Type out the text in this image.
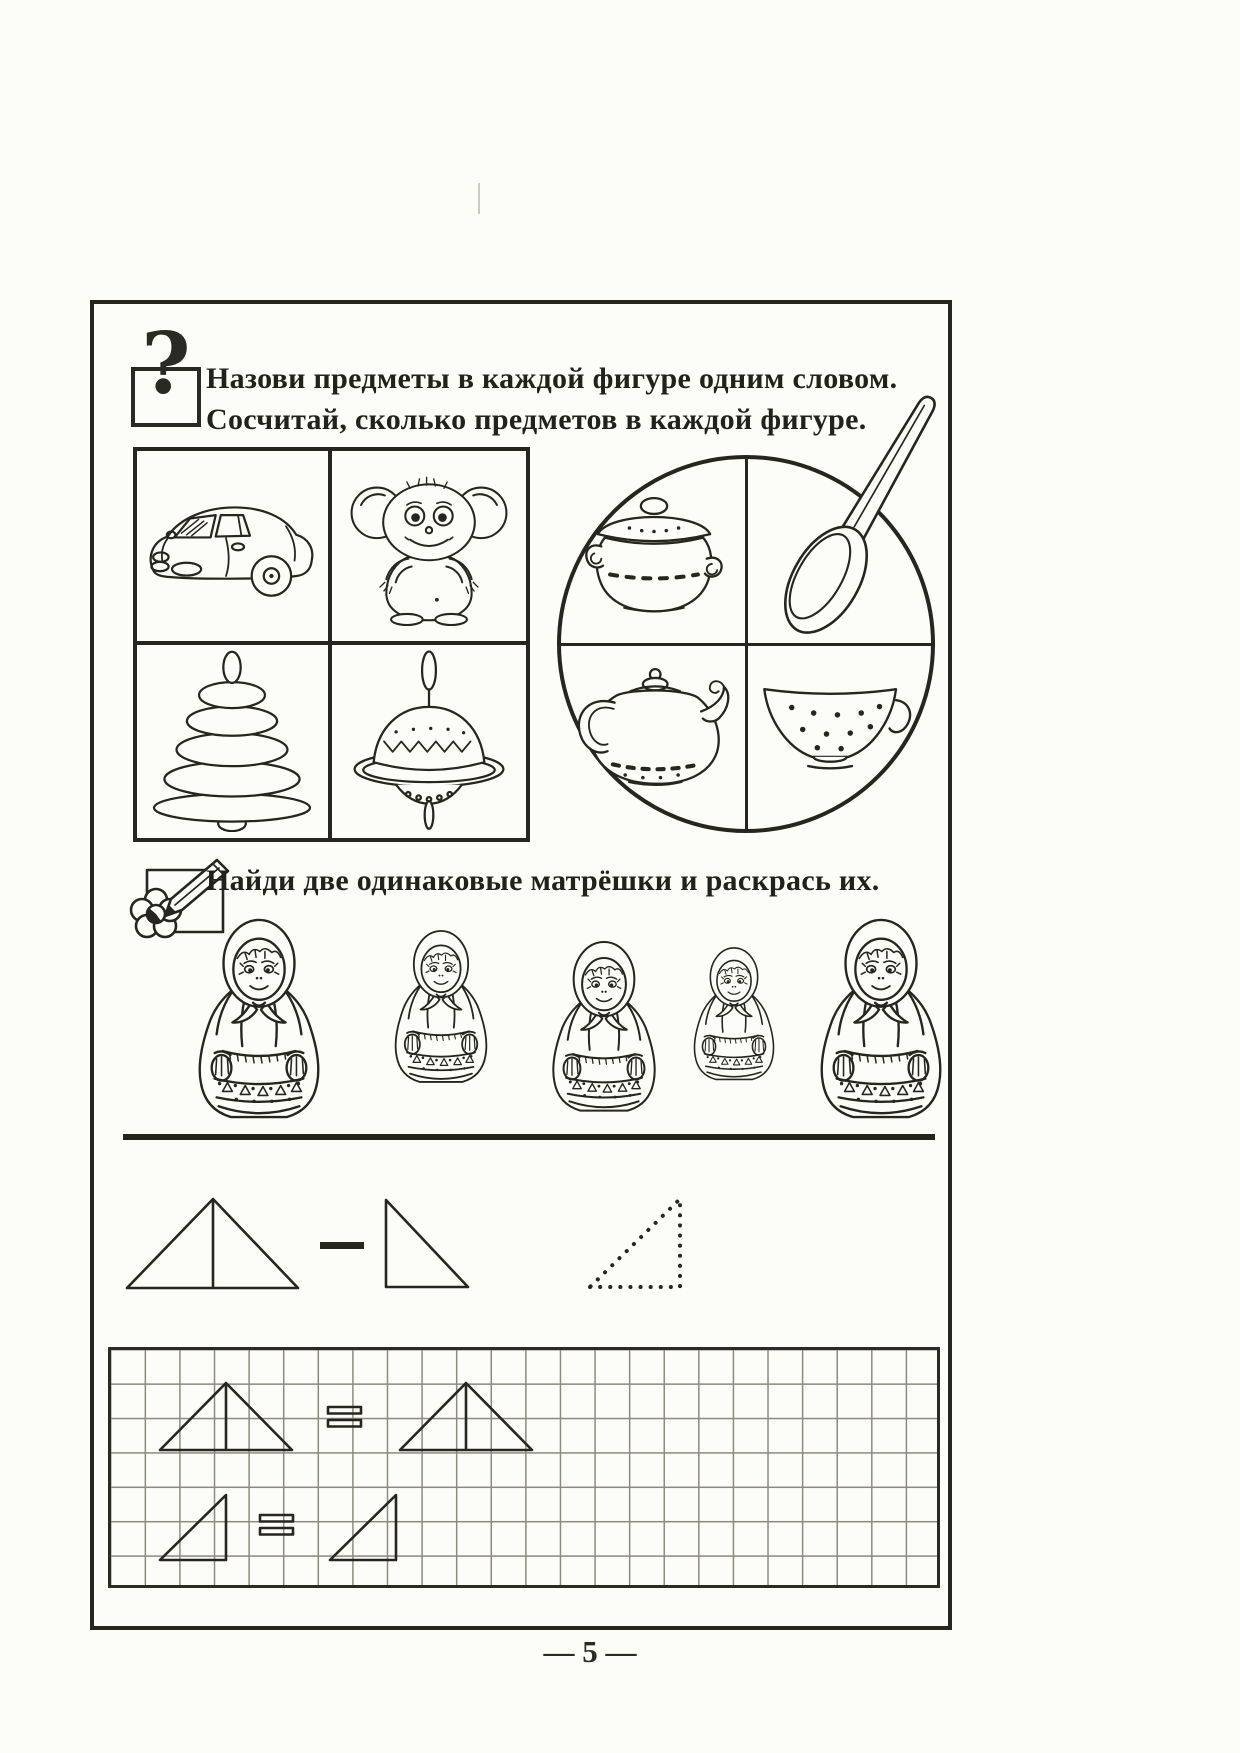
? Назови предметы в каждой фигуре одним словом.
Сосчитай, сколько предметов в каждой фигуре.
Найди две одинаковые матрёшки и раскрась их.
— 5 —
